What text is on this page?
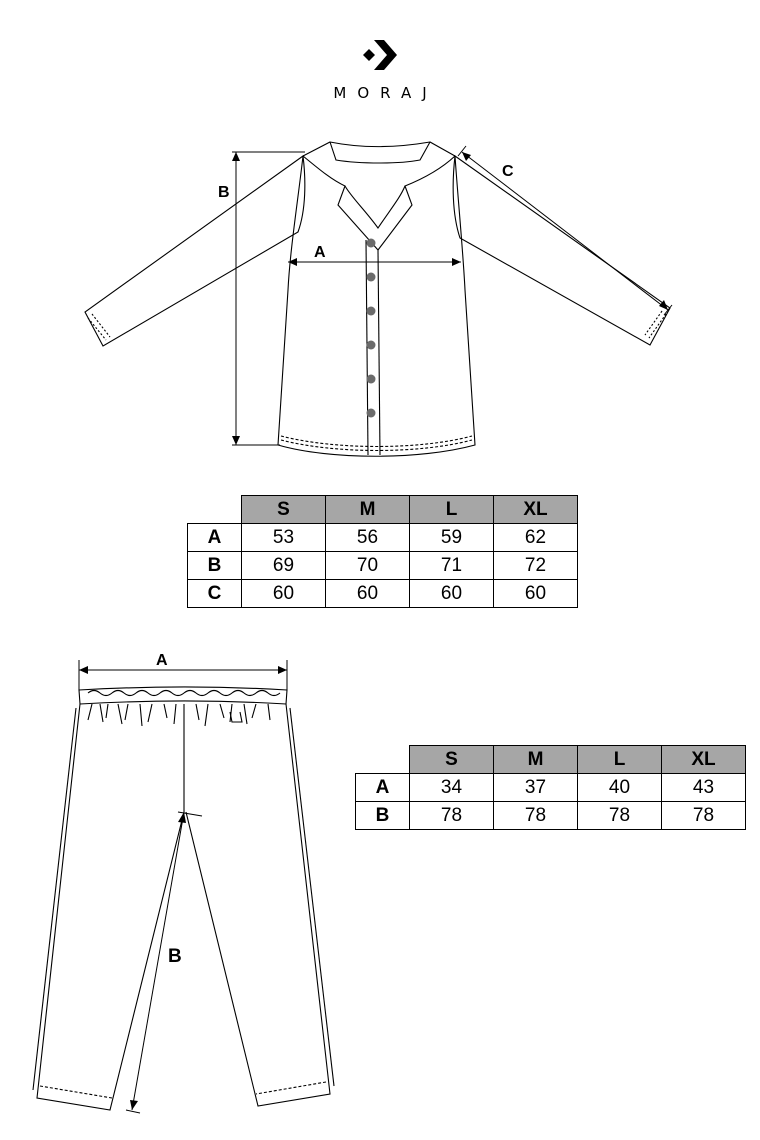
MORAJ
B
A
C
	S	M	L	XL
A	53	56	59	62
B	69	70	71	72
C	60	60	60	60
A
B
	S	M	L	XL
A	34	37	40	43
B	78	78	78	78
